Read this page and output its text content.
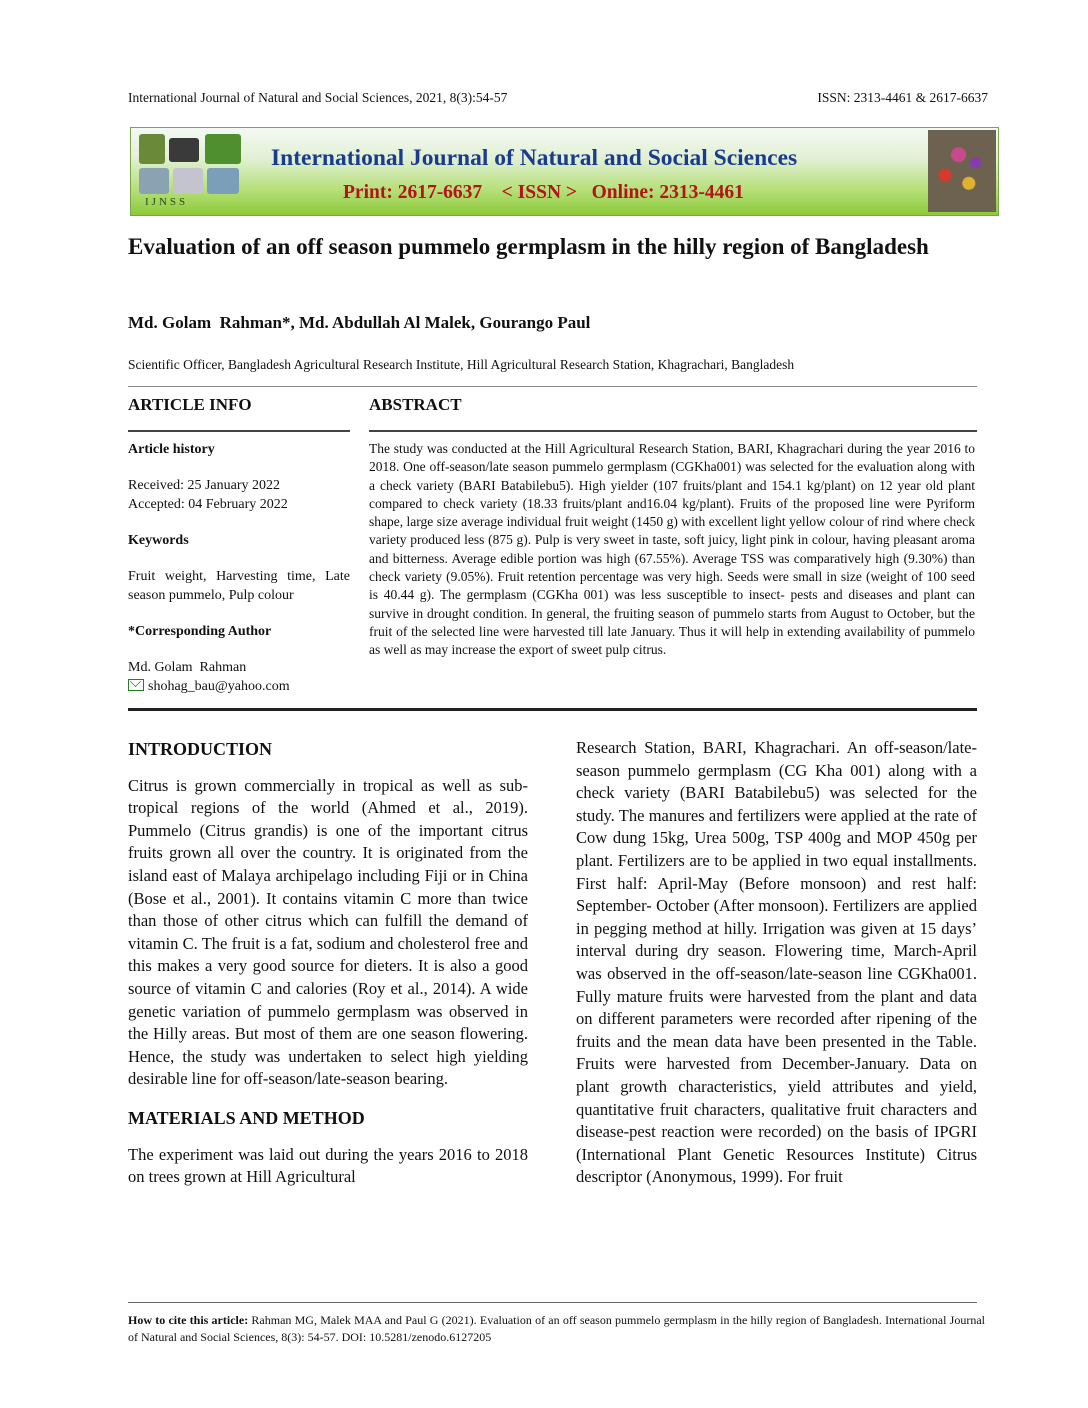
International Journal of Natural and Social Sciences, 2021, 8(3):54-57	ISSN: 2313-4461 & 2617-6637
IJNSS
International Journal of Natural and Social Sciences
Print: 2617-6637    < ISSN >   Online: 2313-4461
Evaluation of an off season pummelo germplasm in the hilly region of Bangladesh
Md. Golam  Rahman*, Md. Abdullah Al Malek, Gourango Paul
Scientific Officer, Bangladesh Agricultural Research Institute, Hill Agricultural Research Station, Khagrachari, Bangladesh
ARTICLE INFO	ABSTRACT
Article history
Received: 25 January 2022
Accepted: 04 February 2022
Keywords
Fruit weight, Harvesting time, Late season pummelo, Pulp colour
*Corresponding Author
Md. Golam  Rahman
shohag_bau@yahoo.com
The study was conducted at the Hill Agricultural Research Station, BARI, Khagrachari during the year 2016 to 2018. One off-season/late season pummelo germplasm (CGKha001) was selected for the evaluation along with a check variety (BARI Batabilebu5). High yielder (107 fruits/plant and 154.1 kg/plant) on 12 year old plant compared to check variety (18.33 fruits/plant and16.04 kg/plant). Fruits of the proposed line were Pyriform shape, large size average individual fruit weight (1450 g) with excellent light yellow colour of rind where check variety produced less (875 g). Pulp is very sweet in taste, soft juicy, light pink in colour, having pleasant aroma and bitterness. Average edible portion was high (67.55%). Average TSS was comparatively high (9.30%) than check variety (9.05%). Fruit retention percentage was very high. Seeds were small in size (weight of 100 seed is 40.44 g). The germplasm (CGKha 001) was less susceptible to insect- pests and diseases and plant can survive in drought condition. In general, the fruiting season of pummelo starts from August to October, but the fruit of the selected line were harvested till late January. Thus it will help in extending availability of pummelo as well as may increase the export of sweet pulp citrus.
INTRODUCTION

Citrus is grown commercially in tropical as well as sub-tropical regions of the world (Ahmed et al., 2019). Pummelo (Citrus grandis) is one of the important citrus fruits grown all over the country. It is originated from the island east of Malaya archipelago including Fiji or in China (Bose et al., 2001). It contains vitamin C more than twice than those of other citrus which can fulfill the demand of vitamin C. The fruit is a fat, sodium and cholesterol free and this makes a very good source for dieters. It is also a good source of vitamin C and calories (Roy et al., 2014). A wide genetic variation of pummelo germplasm was observed in the Hilly areas. But most of them are one season flowering. Hence, the study was undertaken to select high yielding desirable line for off-season/late-season bearing.

MATERIALS AND METHOD

The experiment was laid out during the years 2016 to 2018 on trees grown at Hill Agricultural

Research Station, BARI, Khagrachari. An off-season/late-season pummelo germplasm (CG Kha 001) along with a check variety (BARI Batabilebu5) was selected for the study. The manures and fertilizers were applied at the rate of Cow dung 15kg, Urea 500g, TSP 400g and MOP 450g per plant. Fertilizers are to be applied in two equal installments. First half: April-May (Before monsoon) and rest half: September- October (After monsoon). Fertilizers are applied in pegging method at hilly. Irrigation was given at 15 days’ interval during dry season. Flowering time, March-April was observed in the off-season/late-season line CGKha001. Fully mature fruits were harvested from the plant and data on different parameters were recorded after ripening of the fruits and the mean data have been presented in the Table. Fruits were harvested from December-January. Data on plant growth characteristics, yield attributes and yield, quantitative fruit characters, qualitative fruit characters and disease-pest reaction were recorded) on the basis of IPGRI (International Plant Genetic Resources Institute) Citrus descriptor (Anonymous, 1999). For fruit

How to cite this article: Rahman MG, Malek MAA and Paul G (2021). Evaluation of an off season pummelo germplasm in the hilly region of Bangladesh. International Journal of Natural and Social Sciences, 8(3): 54-57. DOI: 10.5281/zenodo.6127205
